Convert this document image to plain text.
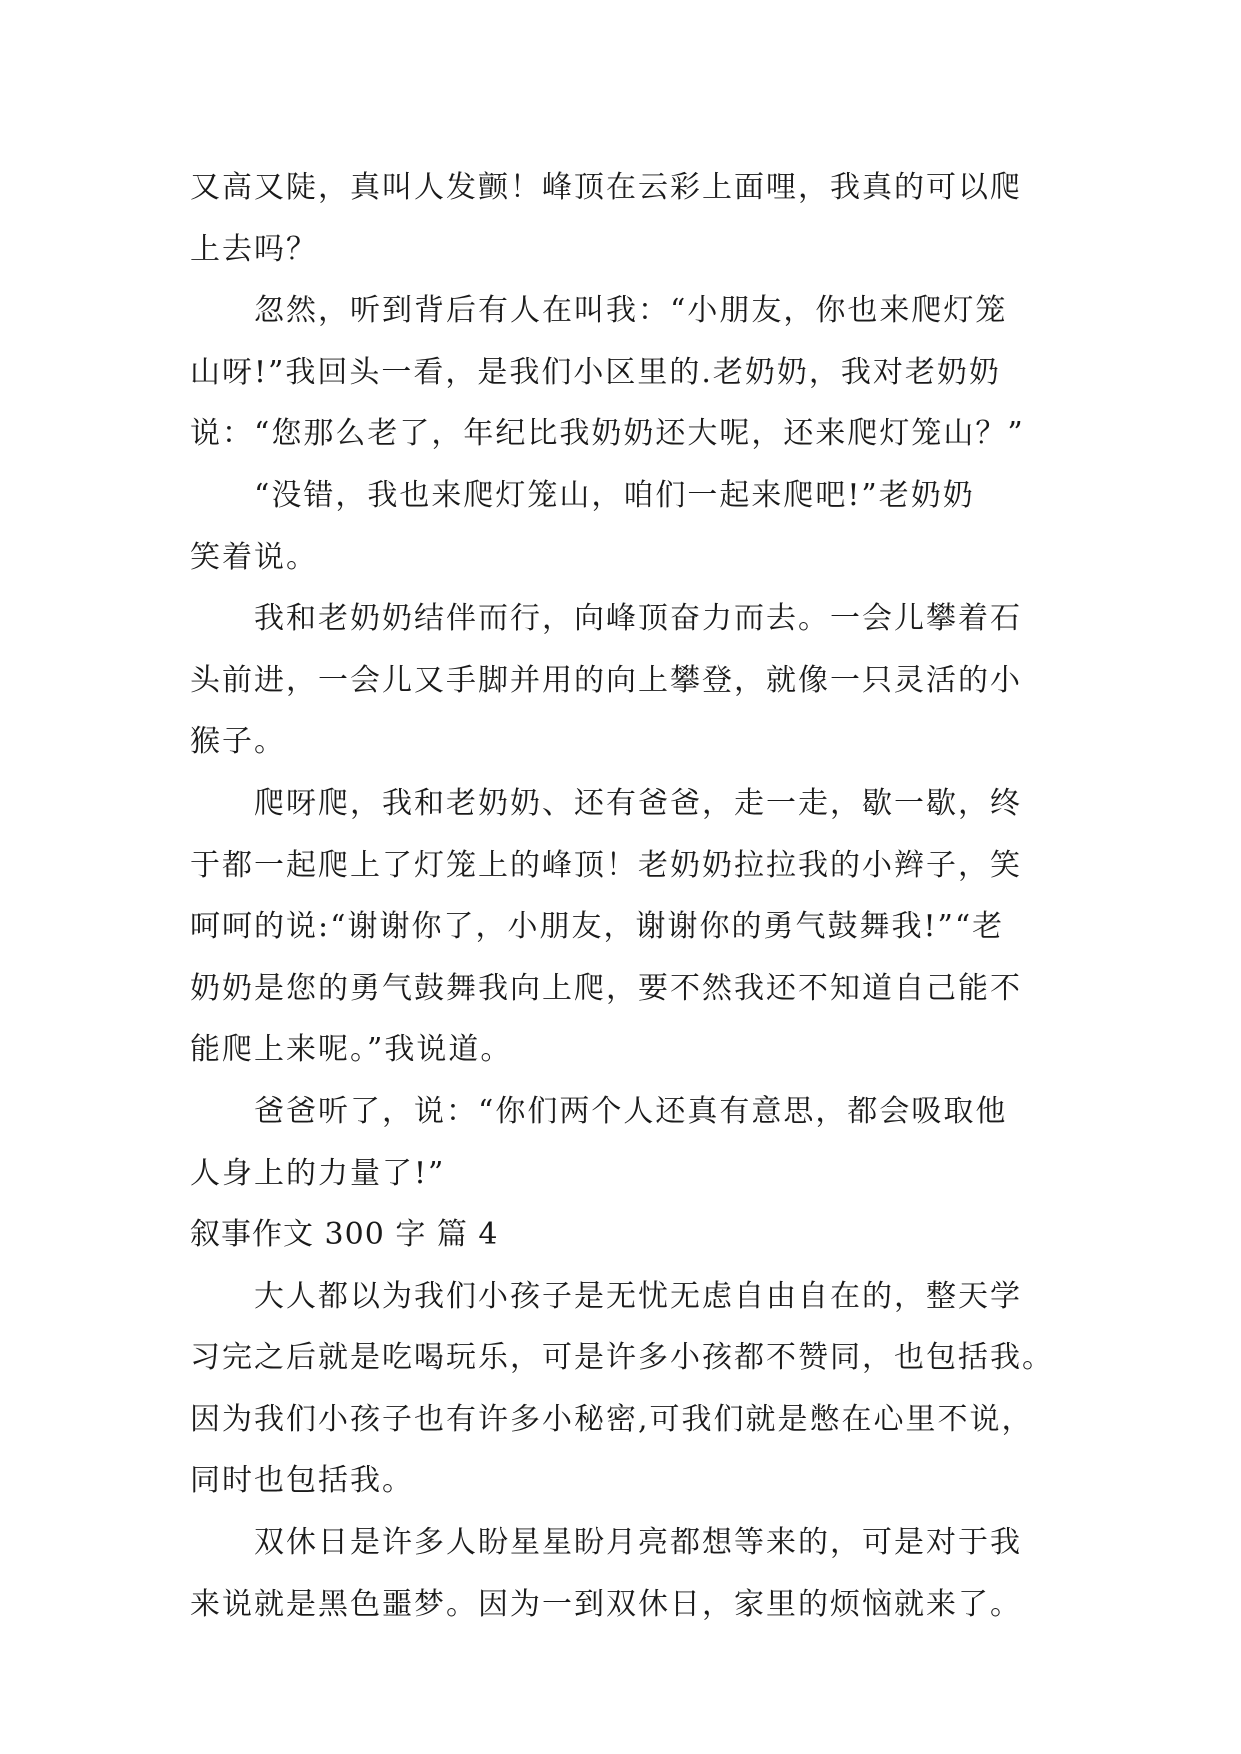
又高又陡，真叫人发颤！峰顶在云彩上面哩，我真的可以爬
上去吗？
　　忽然，听到背后有人在叫我：“小朋友，你也来爬灯笼
山呀!”我回头一看，是我们小区里的.老奶奶，我对老奶奶
说：“您那么老了，年纪比我奶奶还大呢，还来爬灯笼山？”
　　“没错，我也来爬灯笼山，咱们一起来爬吧!”老奶奶
笑着说。
　　我和老奶奶结伴而行，向峰顶奋力而去。一会儿攀着石
头前进，一会儿又手脚并用的向上攀登，就像一只灵活的小
猴子。
　　爬呀爬，我和老奶奶、还有爸爸，走一走，歇一歇，终
于都一起爬上了灯笼上的峰顶！老奶奶拉拉我的小辫子，笑
呵呵的说:“谢谢你了，小朋友，谢谢你的勇气鼓舞我!”“老
奶奶是您的勇气鼓舞我向上爬，要不然我还不知道自己能不
能爬上来呢。”我说道。
　　爸爸听了，说：“你们两个人还真有意思，都会吸取他
人身上的力量了!”
叙事作文 300 字 篇 4
　　大人都以为我们小孩子是无忧无虑自由自在的，整天学
习完之后就是吃喝玩乐，可是许多小孩都不赞同，也包括我。
因为我们小孩子也有许多小秘密,可我们就是憋在心里不说，
同时也包括我。
　　双休日是许多人盼星星盼月亮都想等来的，可是对于我
来说就是黑色噩梦。因为一到双休日，家里的烦恼就来了。
